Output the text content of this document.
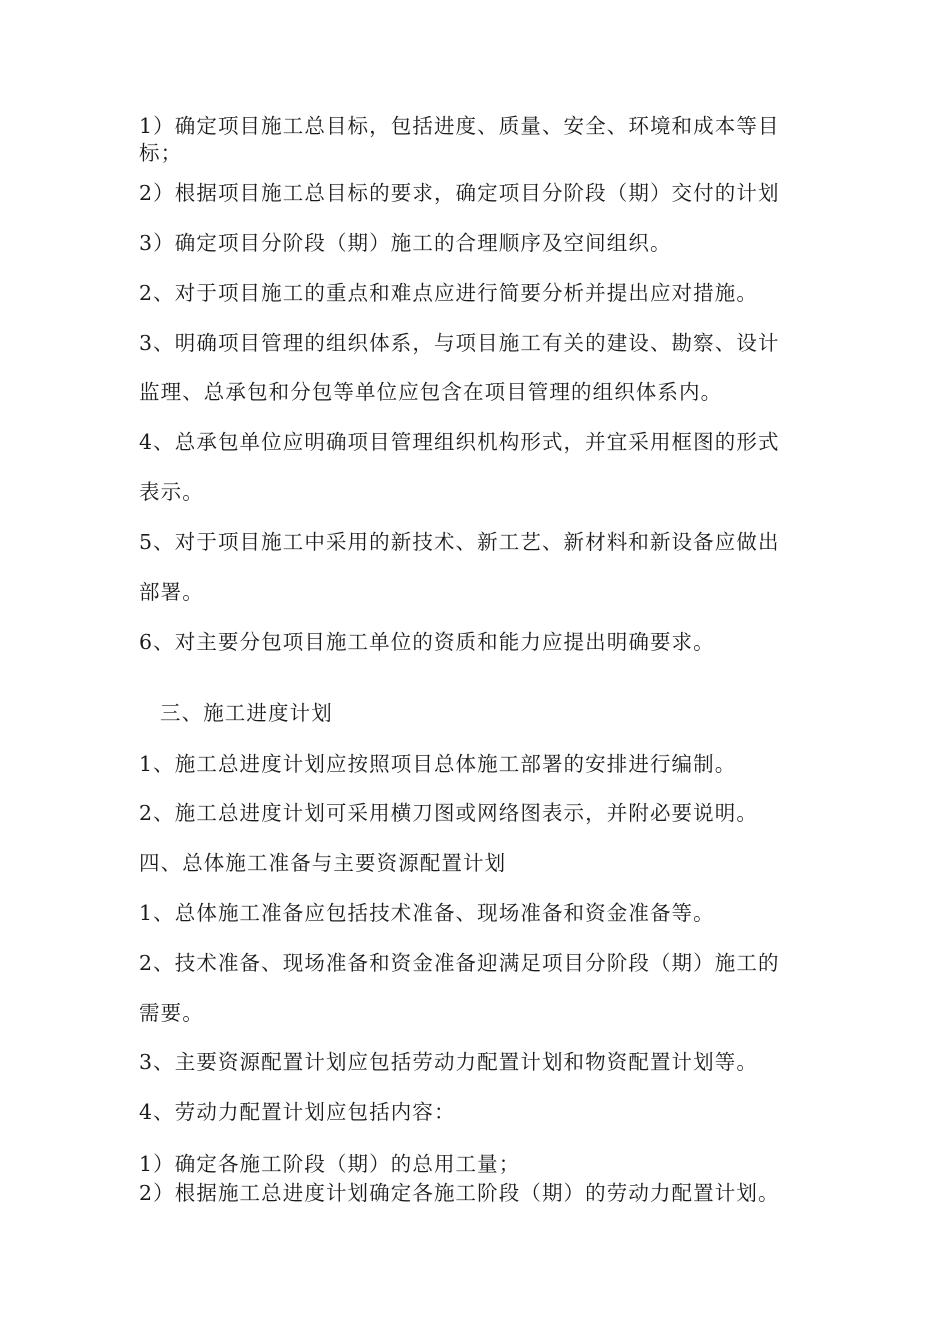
1）确定项目施工总目标，包括进度、质量、安全、环境和成本等目
标；
2）根据项目施工总目标的要求，确定项目分阶段（期）交付的计划
3）确定项目分阶段（期）施工的合理顺序及空间组织。
2、对于项目施工的重点和难点应进行简要分析并提出应对措施。
3、明确项目管理的组织体系，与项目施工有关的建设、勘察、设计
监理、总承包和分包等单位应包含在项目管理的组织体系内。
4、总承包单位应明确项目管理组织机构形式，并宜采用框图的形式
表示。
5、对于项目施工中采用的新技术、新工艺、新材料和新设备应做出
部署。
6、对主要分包项目施工单位的资质和能力应提出明确要求。
三、施工进度计划
1、施工总进度计划应按照项目总体施工部署的安排进行编制。
2、施工总进度计划可采用横刀图或网络图表示，并附必要说明。
四、总体施工准备与主要资源配置计划
1、总体施工准备应包括技术准备、现场准备和资金准备等。
2、技术准备、现场准备和资金准备迎满足项目分阶段（期）施工的
需要。
3、主要资源配置计划应包括劳动力配置计划和物资配置计划等。
4、劳动力配置计划应包括内容：
1）确定各施工阶段（期）的总用工量；
2）根据施工总进度计划确定各施工阶段（期）的劳动力配置计划。
